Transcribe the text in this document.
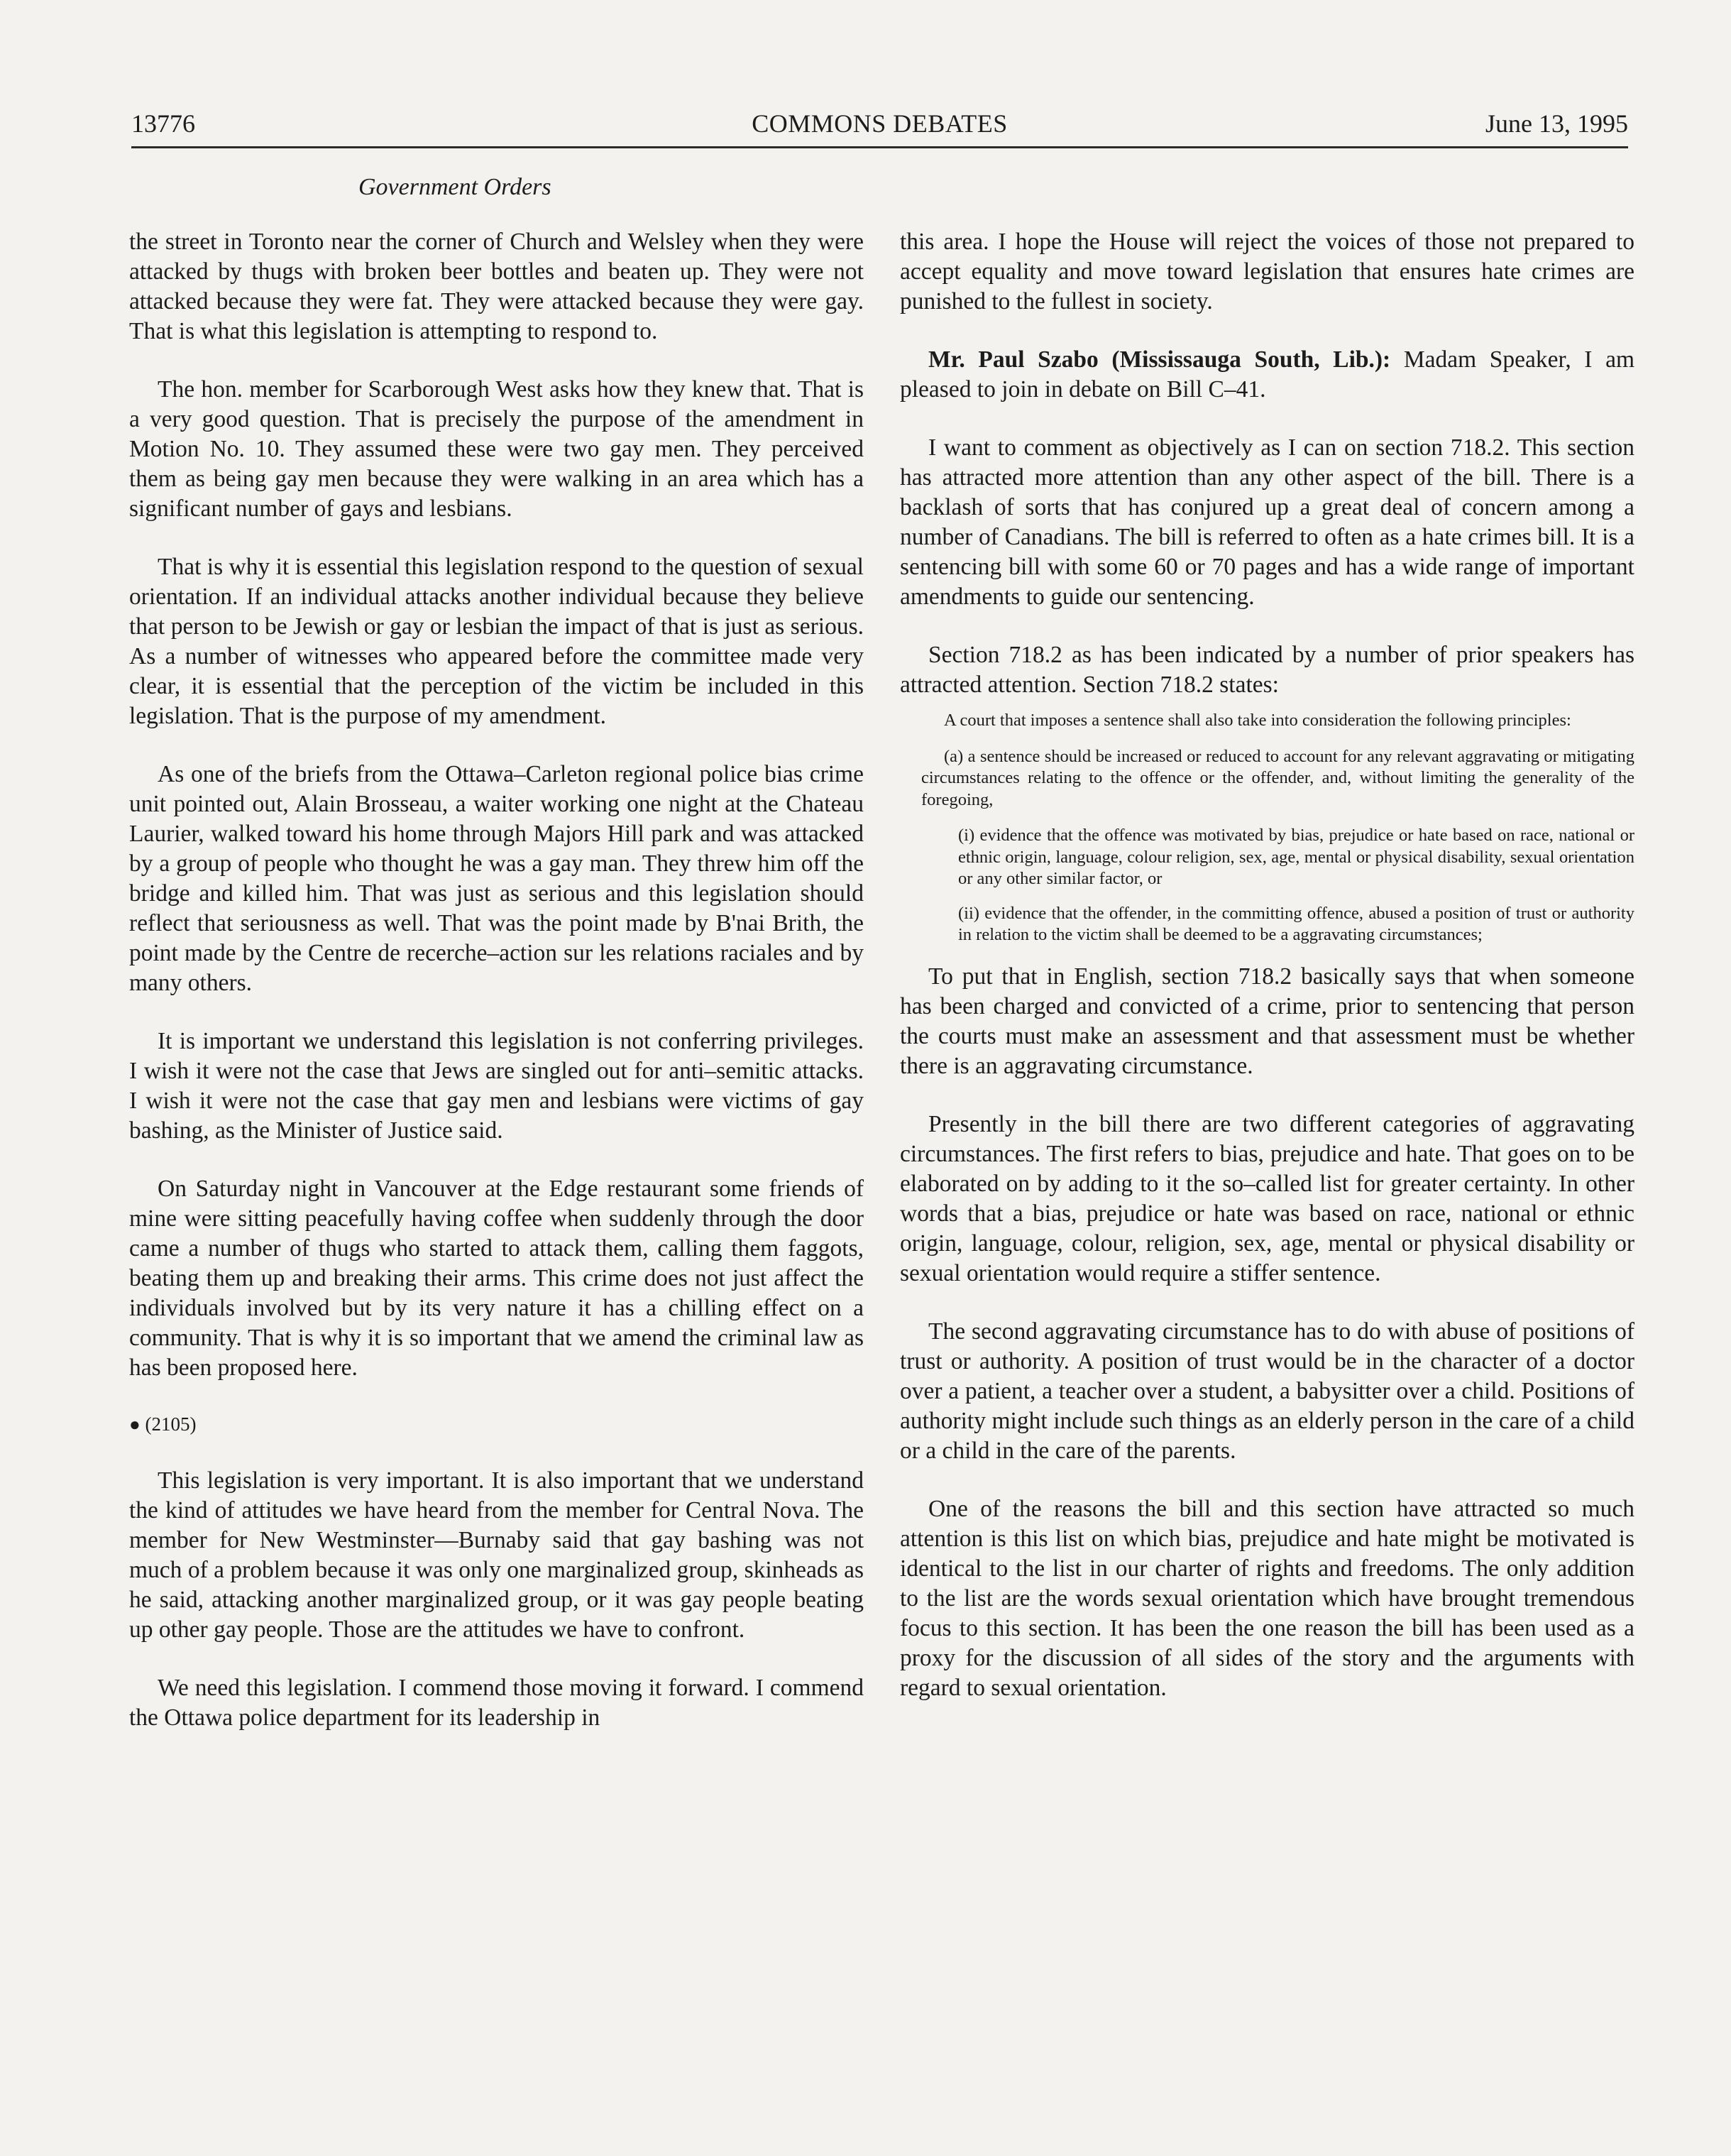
13776	COMMONS DEBATES	June 13, 1995
Government Orders

the street in Toronto near the corner of Church and Welsley when they were attacked by thugs with broken beer bottles and beaten up. They were not attacked because they were fat. They were attacked because they were gay. That is what this legislation is attempting to respond to.

The hon. member for Scarborough West asks how they knew that. That is a very good question. That is precisely the purpose of the amendment in Motion No. 10. They assumed these were two gay men. They perceived them as being gay men because they were walking in an area which has a significant number of gays and lesbians.

That is why it is essential this legislation respond to the question of sexual orientation. If an individual attacks another individual because they believe that person to be Jewish or gay or lesbian the impact of that is just as serious. As a number of witnesses who appeared before the committee made very clear, it is essential that the perception of the victim be included in this legislation. That is the purpose of my amendment.

As one of the briefs from the Ottawa–Carleton regional police bias crime unit pointed out, Alain Brosseau, a waiter working one night at the Chateau Laurier, walked toward his home through Majors Hill park and was attacked by a group of people who thought he was a gay man. They threw him off the bridge and killed him. That was just as serious and this legislation should reflect that seriousness as well. That was the point made by B'nai Brith, the point made by the Centre de recerche–action sur les relations raciales and by many others.

It is important we understand this legislation is not conferring privileges. I wish it were not the case that Jews are singled out for anti–semitic attacks. I wish it were not the case that gay men and lesbians were victims of gay bashing, as the Minister of Justice said.

On Saturday night in Vancouver at the Edge restaurant some friends of mine were sitting peacefully having coffee when suddenly through the door came a number of thugs who started to attack them, calling them faggots, beating them up and breaking their arms. This crime does not just affect the individuals involved but by its very nature it has a chilling effect on a community. That is why it is so important that we amend the criminal law as has been proposed here.

● (2105)

This legislation is very important. It is also important that we understand the kind of attitudes we have heard from the member for Central Nova. The member for New Westminster—Burnaby said that gay bashing was not much of a problem because it was only one marginalized group, skinheads as he said, attacking another marginalized group, or it was gay people beating up other gay people. Those are the attitudes we have to confront.

We need this legislation. I commend those moving it forward. I commend the Ottawa police department for its leadership in

this area. I hope the House will reject the voices of those not prepared to accept equality and move toward legislation that ensures hate crimes are punished to the fullest in society.

Mr. Paul Szabo (Mississauga South, Lib.): Madam Speaker, I am pleased to join in debate on Bill C–41.

I want to comment as objectively as I can on section 718.2. This section has attracted more attention than any other aspect of the bill. There is a backlash of sorts that has conjured up a great deal of concern among a number of Canadians. The bill is referred to often as a hate crimes bill. It is a sentencing bill with some 60 or 70 pages and has a wide range of important amendments to guide our sentencing.

Section 718.2 as has been indicated by a number of prior speakers has attracted attention. Section 718.2 states:

A court that imposes a sentence shall also take into consideration the following principles:

(a) a sentence should be increased or reduced to account for any relevant aggravating or mitigating circumstances relating to the offence or the offender, and, without limiting the generality of the foregoing,

(i) evidence that the offence was motivated by bias, prejudice or hate based on race, national or ethnic origin, language, colour religion, sex, age, mental or physical disability, sexual orientation or any other similar factor, or

(ii) evidence that the offender, in the committing offence, abused a position of trust or authority in relation to the victim shall be deemed to be a aggravating circumstances;

To put that in English, section 718.2 basically says that when someone has been charged and convicted of a crime, prior to sentencing that person the courts must make an assessment and that assessment must be whether there is an aggravating circumstance.

Presently in the bill there are two different categories of aggravating circumstances. The first refers to bias, prejudice and hate. That goes on to be elaborated on by adding to it the so–called list for greater certainty. In other words that a bias, prejudice or hate was based on race, national or ethnic origin, language, colour, religion, sex, age, mental or physical disability or sexual orientation would require a stiffer sentence.

The second aggravating circumstance has to do with abuse of positions of trust or authority. A position of trust would be in the character of a doctor over a patient, a teacher over a student, a babysitter over a child. Positions of authority might include such things as an elderly person in the care of a child or a child in the care of the parents.

One of the reasons the bill and this section have attracted so much attention is this list on which bias, prejudice and hate might be motivated is identical to the list in our charter of rights and freedoms. The only addition to the list are the words sexual orientation which have brought tremendous focus to this section. It has been the one reason the bill has been used as a proxy for the discussion of all sides of the story and the arguments with regard to sexual orientation.
